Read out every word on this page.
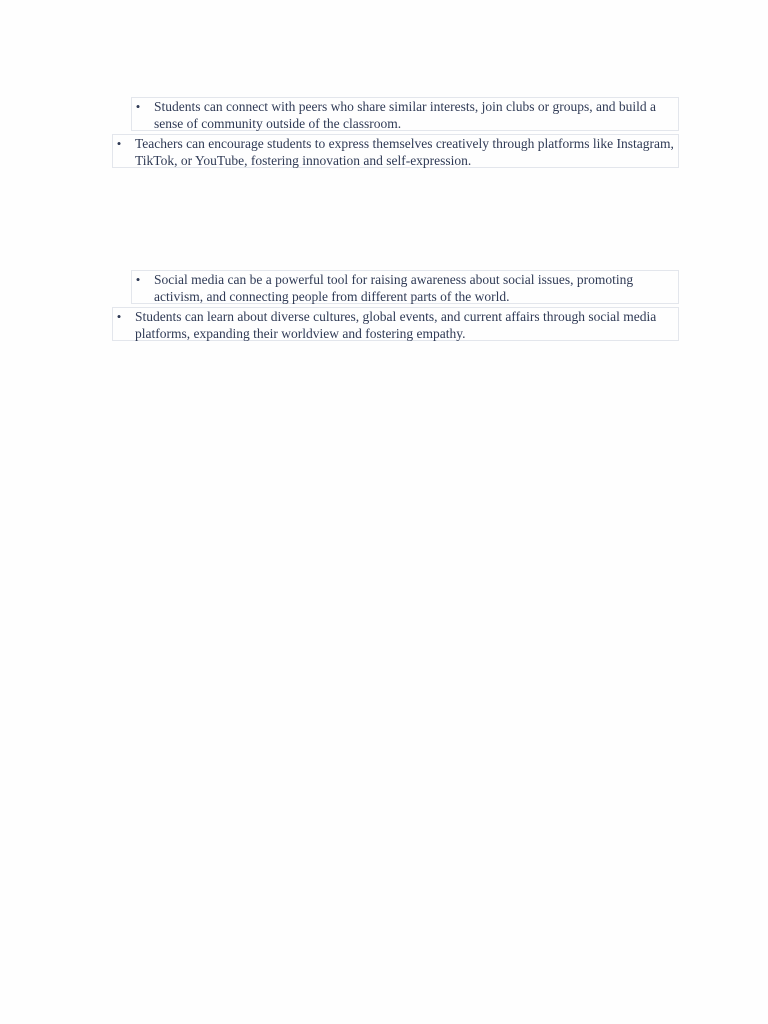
• Students can connect with peers who share similar interests, join clubs or groups, and build a sense of community outside of the classroom.
• Teachers can encourage students to express themselves creatively through platforms like Instagram, TikTok, or YouTube, fostering innovation and self-expression.
• Social media can be a powerful tool for raising awareness about social issues, promoting activism, and connecting people from different parts of the world.
• Students can learn about diverse cultures, global events, and current affairs through social media platforms, expanding their worldview and fostering empathy.
